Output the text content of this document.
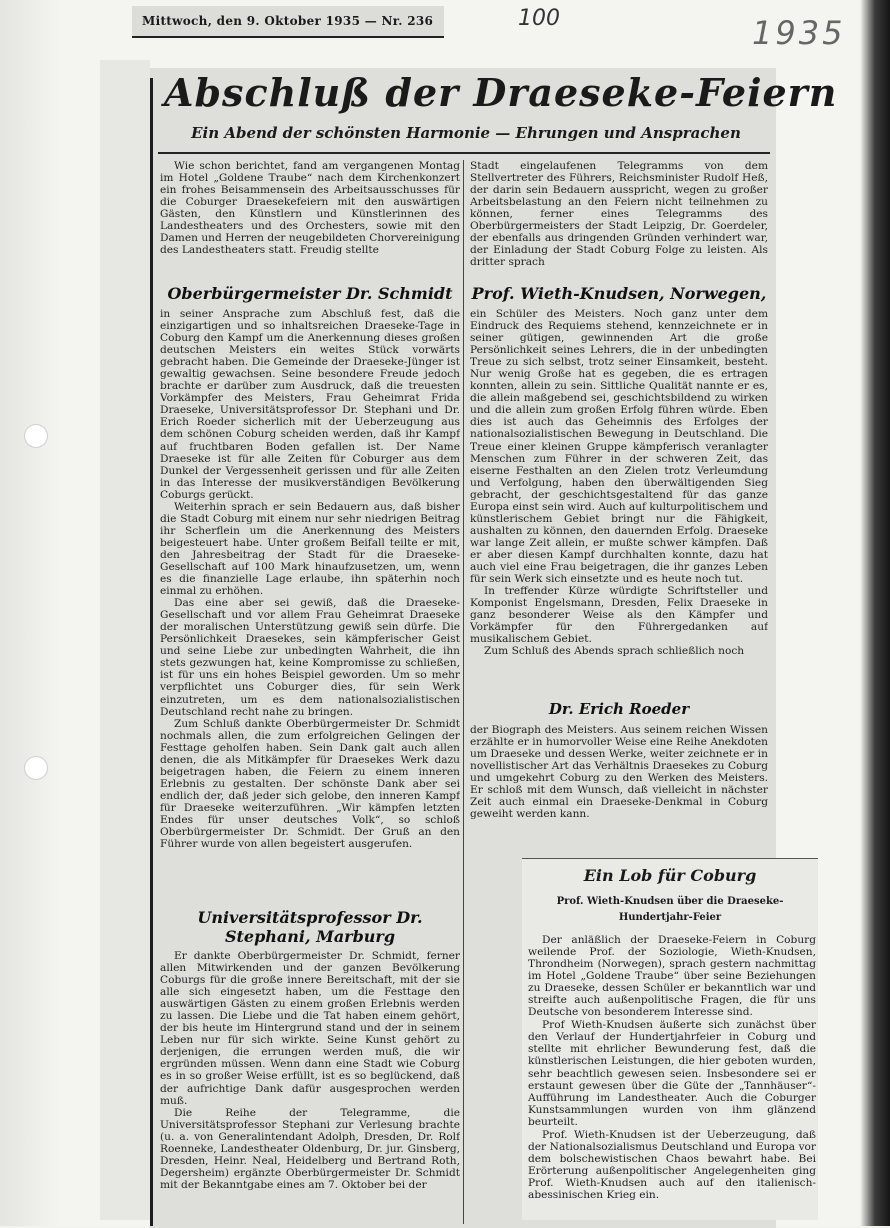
Mittwoch, den 9. Oktober 1935 — Nr. 236	100	1935
Abschluß der Draeseke-Feiern
Ein Abend der schönsten Harmonie — Ehrungen und Ansprachen

Wie schon berichtet, fand am vergangenen Montag im Hotel „Goldene Traube“ nach dem Kirchenkonzert ein frohes Beisammensein des Arbeitsausschusses für die Coburger Draesekefeiern mit den auswärtigen Gästen, den Künstlern und Künstlerinnen des Landestheaters und des Orchesters, sowie mit den Damen und Herren der neugebildeten Chorvereinigung des Landestheaters statt. Freudig stellte

Oberbürgermeister Dr. Schmidt

in seiner Ansprache zum Abschluß fest, daß die einzigartigen und so inhaltsreichen Draeseke-Tage in Coburg den Kampf um die Anerkennung dieses großen deutschen Meisters ein weites Stück vorwärts gebracht haben. Die Gemeinde der Draeseke-Jünger ist gewaltig gewachsen. Seine besondere Freude jedoch brachte er darüber zum Ausdruck, daß die treuesten Vorkämpfer des Meisters, Frau Geheimrat Frida Draeseke, Universitätsprofessor Dr. Stephani und Dr. Erich Roeder sicherlich mit der Ueberzeugung aus dem schönen Coburg scheiden werden, daß ihr Kampf auf fruchtbaren Boden gefallen ist. Der Name Draeseke ist für alle Zeiten für Coburger aus dem Dunkel der Vergessenheit gerissen und für alle Zeiten in das Interesse der musikverständigen Bevölkerung Coburgs gerückt.

Weiterhin sprach er sein Bedauern aus, daß bisher die Stadt Coburg mit einem nur sehr niedrigen Beitrag ihr Scherflein um die Anerkennung des Meisters beigesteuert habe. Unter großem Beifall teilte er mit, den Jahresbeitrag der Stadt für die Draeseke-Gesellschaft auf 100 Mark hinaufzusetzen, um, wenn es die finanzielle Lage erlaube, ihn späterhin noch einmal zu erhöhen.

Das eine aber sei gewiß, daß die Draeseke-Gesellschaft und vor allem Frau Geheimrat Draeseke der moralischen Unterstützung gewiß sein dürfe. Die Persönlichkeit Draesekes, sein kämpferischer Geist und seine Liebe zur unbedingten Wahrheit, die ihn stets gezwungen hat, keine Kompromisse zu schließen, ist für uns ein hohes Beispiel geworden. Um so mehr verpflichtet uns Coburger dies, für sein Werk einzutreten, um es dem nationalsozialistischen Deutschland recht nahe zu bringen.

Zum Schluß dankte Oberbürgermeister Dr. Schmidt nochmals allen, die zum erfolgreichen Gelingen der Festtage geholfen haben. Sein Dank galt auch allen denen, die als Mitkämpfer für Draesekes Werk dazu beigetragen haben, die Feiern zu einem inneren Erlebnis zu gestalten. Der schönste Dank aber sei endlich der, daß jeder sich gelobe, den inneren Kampf für Draeseke weiterzuführen. „Wir kämpfen letzten Endes für unser deutsches Volk“, so schloß Oberbürgermeister Dr. Schmidt. Der Gruß an den Führer wurde von allen begeistert ausgerufen.

Universitätsprofessor Dr. Stephani, Marburg

Er dankte Oberbürgermeister Dr. Schmidt, ferner allen Mitwirkenden und der ganzen Bevölkerung Coburgs für die große innere Bereitschaft, mit der sie alle sich eingesetzt haben, um die Festtage den auswärtigen Gästen zu einem großen Erlebnis werden zu lassen. Die Liebe und die Tat haben einem gehört, der bis heute im Hintergrund stand und der in seinem Leben nur für sich wirkte. Seine Kunst gehört zu derjenigen, die errungen werden muß, die wir ergründen müssen. Wenn dann eine Stadt wie Coburg es in so großer Weise erfüllt, ist es so beglückend, daß der aufrichtige Dank dafür ausgesprochen werden muß.

Die Reihe der Telegramme, die Universitätsprofessor Stephani zur Verlesung brachte (u. a. von Generalintendant Adolph, Dresden, Dr. Rolf Roenneke, Landestheater Oldenburg, Dr. jur. Ginsberg, Dresden, Heinr. Neal, Heidelberg und Bertrand Roth, Degersheim) ergänzte Oberbürgermeister Dr. Schmidt mit der Bekanntgabe eines am 7. Oktober bei der

Stadt eingelaufenen Telegramms von dem Stellvertreter des Führers, Reichsminister Rudolf Heß, der darin sein Bedauern ausspricht, wegen zu großer Arbeitsbelastung an den Feiern nicht teilnehmen zu können, ferner eines Telegramms des Oberbürgermeisters der Stadt Leipzig, Dr. Goerdeler, der ebenfalls aus dringenden Gründen verhindert war, der Einladung der Stadt Coburg Folge zu leisten. Als dritter sprach

Prof. Wieth-Knudsen, Norwegen,

ein Schüler des Meisters. Noch ganz unter dem Eindruck des Requiems stehend, kennzeichnete er in seiner gütigen, gewinnenden Art die große Persönlichkeit seines Lehrers, die in der unbedingten Treue zu sich selbst, trotz seiner Einsamkeit, besteht. Nur wenig Große hat es gegeben, die es ertragen konnten, allein zu sein. Sittliche Qualität nannte er es, die allein maßgebend sei, geschichtsbildend zu wirken und die allein zum großen Erfolg führen würde. Eben dies ist auch das Geheimnis des Erfolges der nationalsozialistischen Bewegung in Deutschland. Die Treue einer kleinen Gruppe kämpferisch veranlagter Menschen zum Führer in der schweren Zeit, das eiserne Festhalten an den Zielen trotz Verleumdung und Verfolgung, haben den überwältigenden Sieg gebracht, der geschichtsgestaltend für das ganze Europa einst sein wird. Auch auf kulturpolitischem und künstlerischem Gebiet bringt nur die Fähigkeit, aushalten zu können, den dauernden Erfolg. Draeseke war lange Zeit allein, er mußte schwer kämpfen. Daß er aber diesen Kampf durchhalten konnte, dazu hat auch viel eine Frau beigetragen, die ihr ganzes Leben für sein Werk sich einsetzte und es heute noch tut.

In treffender Kürze würdigte Schriftsteller und Komponist Engelsmann, Dresden, Felix Draeseke in ganz besonderer Weise als den Kämpfer und Vorkämpfer für den Führergedanken auf musikalischem Gebiet.

Zum Schluß des Abends sprach schließlich noch

Dr. Erich Roeder

der Biograph des Meisters. Aus seinem reichen Wissen erzählte er in humorvoller Weise eine Reihe Anekdoten um Draeseke und dessen Werke, weiter zeichnete er in novellistischer Art das Verhältnis Draesekes zu Coburg und umgekehrt Coburg zu den Werken des Meisters. Er schloß mit dem Wunsch, daß vielleicht in nächster Zeit auch einmal ein Draeseke-Denkmal in Coburg geweiht werden kann.

Ein Lob für Coburg
Prof. Wieth-Knudsen über die Draeseke-Hundertjahr-Feier

Der anläßlich der Draeseke-Feiern in Coburg weilende Prof. der Soziologie, Wieth-Knudsen, Throndheim (Norwegen), sprach gestern nachmittag im Hotel „Goldene Traube“ über seine Beziehungen zu Draeseke, dessen Schüler er bekanntlich war und streifte auch außenpolitische Fragen, die für uns Deutsche von besonderem Interesse sind.

Prof Wieth-Knudsen äußerte sich zunächst über den Verlauf der Hundertjahrfeier in Coburg und stellte mit ehrlicher Bewunderung fest, daß die künstlerischen Leistungen, die hier geboten wurden, sehr beachtlich gewesen seien. Insbesondere sei er erstaunt gewesen über die Güte der „Tannhäuser“-Aufführung im Landestheater. Auch die Coburger Kunstsammlungen wurden von ihm glänzend beurteilt.

Prof. Wieth-Knudsen ist der Ueberzeugung, daß der Nationalsozialismus Deutschland und Europa vor dem bolschewistischen Chaos bewahrt habe. Bei Erörterung außenpolitischer Angelegenheiten ging Prof. Wieth-Knudsen auch auf den italienisch-abessinischen Krieg ein.
